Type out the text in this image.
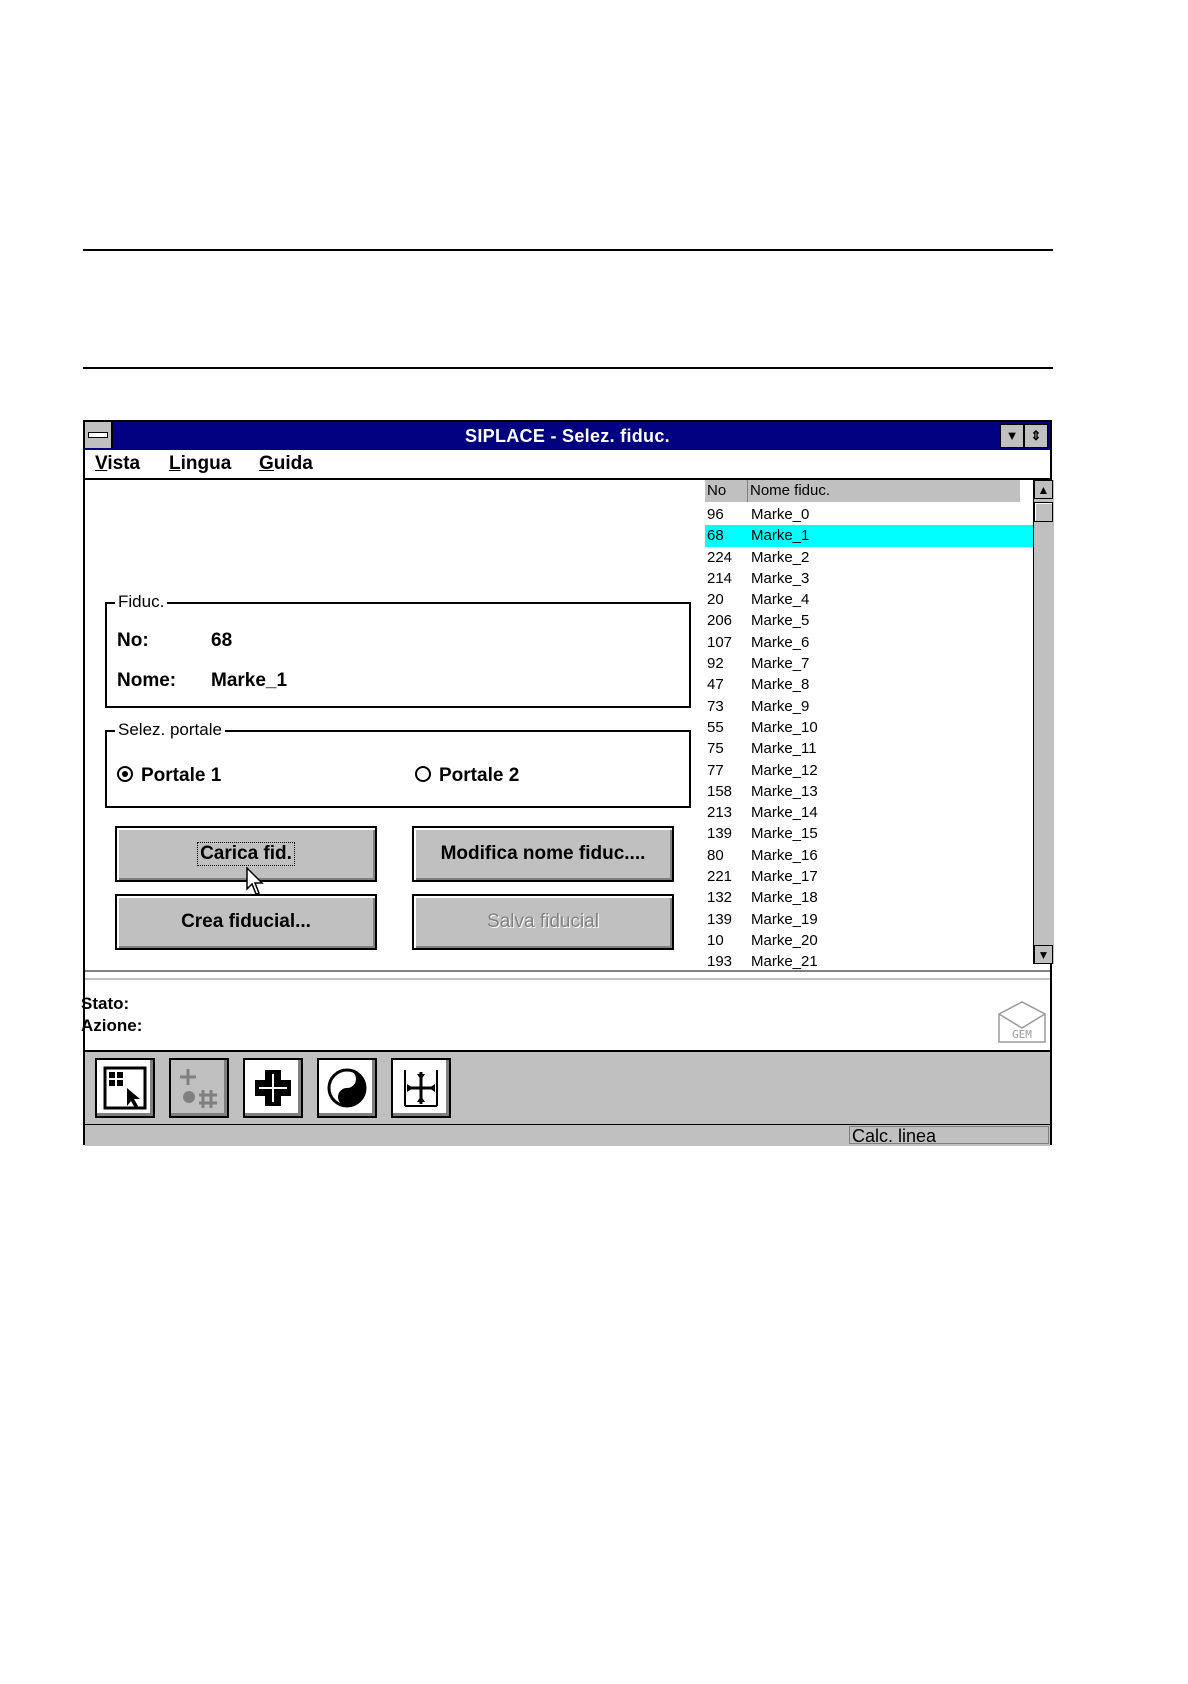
SIPLACE - Selez. fiduc.	▼ ⇕
Vista Lingua Guida
Fiduc.
No:	68
Nome: Marke_1
Selez. portale
Portale 1	Portale 2
Carica fid.	Modifica nome fiduc....
Crea fiducial...	Salva fiducial
No Nome fiduc.
96 Marke_0
68 Marke_1
224 Marke_2
214 Marke_3
20 Marke_4
206 Marke_5
107 Marke_6
92 Marke_7
47 Marke_8
73 Marke_9
55 Marke_10
75 Marke_11
77 Marke_12
158 Marke_13
213 Marke_14
139 Marke_15
80 Marke_16
221 Marke_17
132 Marke_18
139 Marke_19
10 Marke_20
193 Marke_21
▲
▼
Stato:
Azione:	GEM
Calc. linea
